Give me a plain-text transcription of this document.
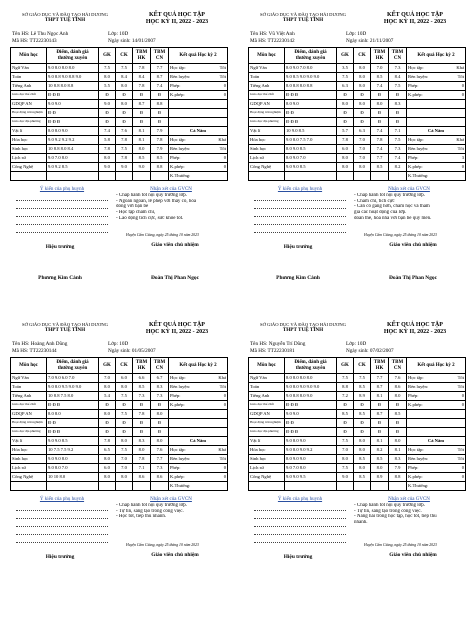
SỞ GIÁO DỤC VÀ ĐÀO TẠO HẢI DƯƠNG
THPT TUỆ TĨNH
KẾT QUẢ HỌC TẬP
HỌC KỲ II, 2022 - 2023
Tên HS: Lê Thu Ngọc Anh	Lớp: 10D
Mã HS: TT22230143	Ngày sinh: 14/01/2007
Môn học	Điểm, đánh giá thường xuyên	GK	CK	TBM HK	TBM CN	Kết quả Học kỳ 2
Ngữ Văn	9.0 8.0 8.0 8.0	7.5	7.5	7.8	7.7	Học tập: Tốt

Toán	9.0 8.8 9.0 8.8 9.0	8.0	8.4	8.4	8.7	Rèn luyện: Tốt

Tiếng Anh	10 8.8 8.0 8.8	5.5	8.0	7.8	7.4	Phép: 0

Giáo dục thể chất	Đ Đ Đ	Đ	Đ	Đ	Đ	K.phép: 0

GDQP AN	9.0 9.0	9.0	8.0	8.7	8.8	
Hoạt động trải nghiệm	Đ Đ	Đ	Đ	Đ	Đ	
Giáo dục địa phương	Đ Đ Đ	Đ	Đ	Đ	Đ	
Vật lí	8.0 8.0 9.0	7.4	7.6	8.1	7.9	Cả Năm
Hóa học	9.0 9.2 9.2 9.2	5.8	7.8	8.1	7.8	Học tập: Khá

Sinh học	10 8.8 8.0 8.4	7.8	7.5	8.0	7.9	Rèn luyện: Tốt

Lịch sử	9.0 7.0 8.0	8.0	7.8	8.5	8.5	Phép: 0

Công Nghệ	9.0 9.2 8.5	9.0	9.0	9.0	8.8	K.phép: 0

						K.Thưởng:
Ý kiến của phụ huynh	Nhận xét của GVCN
- Chấp hành tốt nội quy trường lớp.
- Ngoan ngoãn, lễ phép với thầy cô, hòa
đồng với bạn bè
- Học tập chăm chỉ,
- Lao động tích cực, sức khỏe tốt.
Huyện Cẩm Giàng, ngày 25 tháng 10 năm 2023
Hiệu trưởng	Giáo viên chủ nhiệm
Phương Kim Cảnh	Đoàn Thị Phan Ngọc
SỞ GIÁO DỤC VÀ ĐÀO TẠO HẢI DƯƠNG
THPT TUỆ TĨNH
KẾT QUẢ HỌC TẬP
HỌC KỲ II, 2022 - 2023
Tên HS: Vũ Việt Anh	Lớp: 10D
Mã HS: TT22230142	Ngày sinh: 21/11/2007
Môn học	Điểm, đánh giá thường xuyên	GK	CK	TBM HK	TBM CN	Kết quả Học kỳ 2
Ngữ Văn	8.0 9.0 7.0 8.0	3.5	8.0	7.0	7.3	Học tập: Khá

Toán	9.0 8.5 9.0 9.0 9.0	7.5	8.0	8.5	8.4	Rèn luyện: Tốt

Tiếng Anh	8.0 8.8 8.0 8.8	6.3	8.0	7.4	7.5	Phép: 0

Giáo dục thể chất	Đ Đ Đ	Đ	Đ	Đ	Đ	K.phép: 0

GDQP AN	8.0 9.0	8.0	8.0	8.0	8.3	
Hoạt động trải nghiệm	Đ Đ	Đ	Đ	Đ	Đ	
Giáo dục địa phương	Đ Đ Đ	Đ	Đ	Đ	Đ	
Vật lí	10 9.0 8.5	5.7	6.3	7.4	7.1	Cả Năm
Hóa học	9.0 8.0 7.5 7.0	7.8	7.0	7.8	7.5	Học tập: Khá

Sinh học	8.0 9.0 8.5	6.0	7.0	7.4	7.3	Rèn luyện: Tốt

Lịch sử	8.0 9.0 7.0	8.0	7.0	7.7	7.4	Phép: 3

Công Nghệ	9.0 9.0 8.5	8.0	8.0	8.5	8.2	K.phép: 0

						K.Thưởng:
Ý kiến của phụ huynh	Nhận xét của GVCN
- Chấp hành tốt nội quy trường lớp.
- Chăm chỉ, tích cực
- Cần cố gắng hơn, chăm học và tham
gia các hoạt động của lớp.
đoàn thể, hòa nhã với bạn bè quý mến.
Huyện Cẩm Giàng, ngày 25 tháng 10 năm 2023
Hiệu trưởng	Giáo viên chủ nhiệm
Phương Kim Cảnh	Đoàn Thị Phan Ngọc
SỞ GIÁO DỤC VÀ ĐÀO TẠO HẢI DƯƠNG
THPT TUỆ TĨNH
KẾT QUẢ HỌC TẬP
HỌC KỲ II, 2022 - 2023
Tên HS: Hoàng Anh Dũng	Lớp: 10D
Mã HS: TT22230144	Ngày sinh: 01/05/2007
Môn học	Điểm, đánh giá thường xuyên	GK	CK	TBM HK	TBM CN	Kết quả Học kỳ 2
Ngữ Văn	7.0 9.0 6.0 7.0	7.0	6.0	6.6	6.7	Học tập: Khá

Toán	9.0 8.0 9.5 9.0 9.0	8.0	8.0	8.5	8.3	Rèn luyện: Tốt

Tiếng Anh	10 8.8 7.5 8.0	5.4	7.5	7.3	7.3	Phép: 0

Giáo dục thể chất	Đ Đ Đ	Đ	Đ	Đ	Đ	K.phép: 0

GDQP AN	8.0 8.0	8.0	7.5	7.8	8.0	
Hoạt động trải nghiệm	Đ Đ	Đ	Đ	Đ	Đ	
Giáo dục địa phương	Đ Đ Đ	Đ	Đ	Đ	Đ	
Vật lí	9.0 9.0 8.5	7.8	8.0	8.3	8.0	Cả Năm
Hóa học	10 7.5 7.5 9.2	6.5	7.5	8.0	7.6	Học tập: Khá

Sinh học	9.0 9.0 8.0	8.0	7.0	7.8	7.7	Rèn luyện: Tốt

Lịch sử	9.0 8.0 7.0	6.0	7.0	7.1	7.3	Phép: 0

Công Nghệ	10 10 8.0	8.0	8.0	8.6	8.6	K.phép: 0

						K.Thưởng:
Ý kiến của phụ huynh	Nhận xét của GVCN
- Chấp hành tốt nội quy trường lớp.
- Tự tin, sáng tạo trong công việc.
- Học tốt, tiếp thu nhanh.
Huyện Cẩm Giàng, ngày 25 tháng 10 năm 2023
Hiệu trưởng	Giáo viên chủ nhiệm
SỞ GIÁO DỤC VÀ ĐÀO TẠO HẢI DƯƠNG
THPT TUỆ TĨNH
KẾT QUẢ HỌC TẬP
HỌC KỲ II, 2022 - 2023
Tên HS: Nguyễn Trí Dũng	Lớp: 10D
Mã HS: TT22230181	Ngày sinh: 07/02/2007
Môn học	Điểm, đánh giá thường xuyên	GK	CK	TBM HK	TBM CN	Kết quả Học kỳ 2
Ngữ Văn	8.0 8.0 8.0 8.0	7.5	7.5	7.7	7.6	Học tập: Tốt

Toán	9.0 8.0 9.0 9.0 9.0	8.8	8.5	8.7	8.6	Rèn luyện: Tốt

Tiếng Anh	9.0 8.8 8.0 9.0	7.2	8.9	8.1	8.0	Phép: 0

Giáo dục thể chất	Đ Đ Đ	Đ	Đ	Đ	Đ	K.phép: 0

GDQP AN	9.0 9.0	8.5	8.5	8.7	8.5	
Hoạt động trải nghiệm	Đ Đ	Đ	Đ	Đ	Đ	
Giáo dục địa phương	Đ Đ Đ	Đ	Đ	Đ	Đ	
Vật lí	9.0 8.0 9.0	7.5	8.0	8.1	8.0	Cả Năm
Hóa học	9.0 8.0 9.0 9.2	7.0	8.0	8.2	8.1	Học tập: Tốt

Sinh học	8.0 9.0 9.0	8.0	8.5	8.5	8.3	Rèn luyện: Tốt

Lịch sử	9.0 7.0 8.0	7.5	8.0	8.0	7.9	Phép: 0

Công Nghệ	9.0 9.0 9.5	9.0	8.5	8.9	8.8	K.phép: 0

						K.Thưởng:
Ý kiến của phụ huynh	Nhận xét của GVCN
- Chấp hành tốt nội quy trường lớp.
- Tự tin, sáng tạo trong công việc.
- Năng hái trong học tập, học tốt, tiếp thu
nhanh.
Huyện Cẩm Giàng, ngày 25 tháng 10 năm 2023
Hiệu trưởng	Giáo viên chủ nhiệm
